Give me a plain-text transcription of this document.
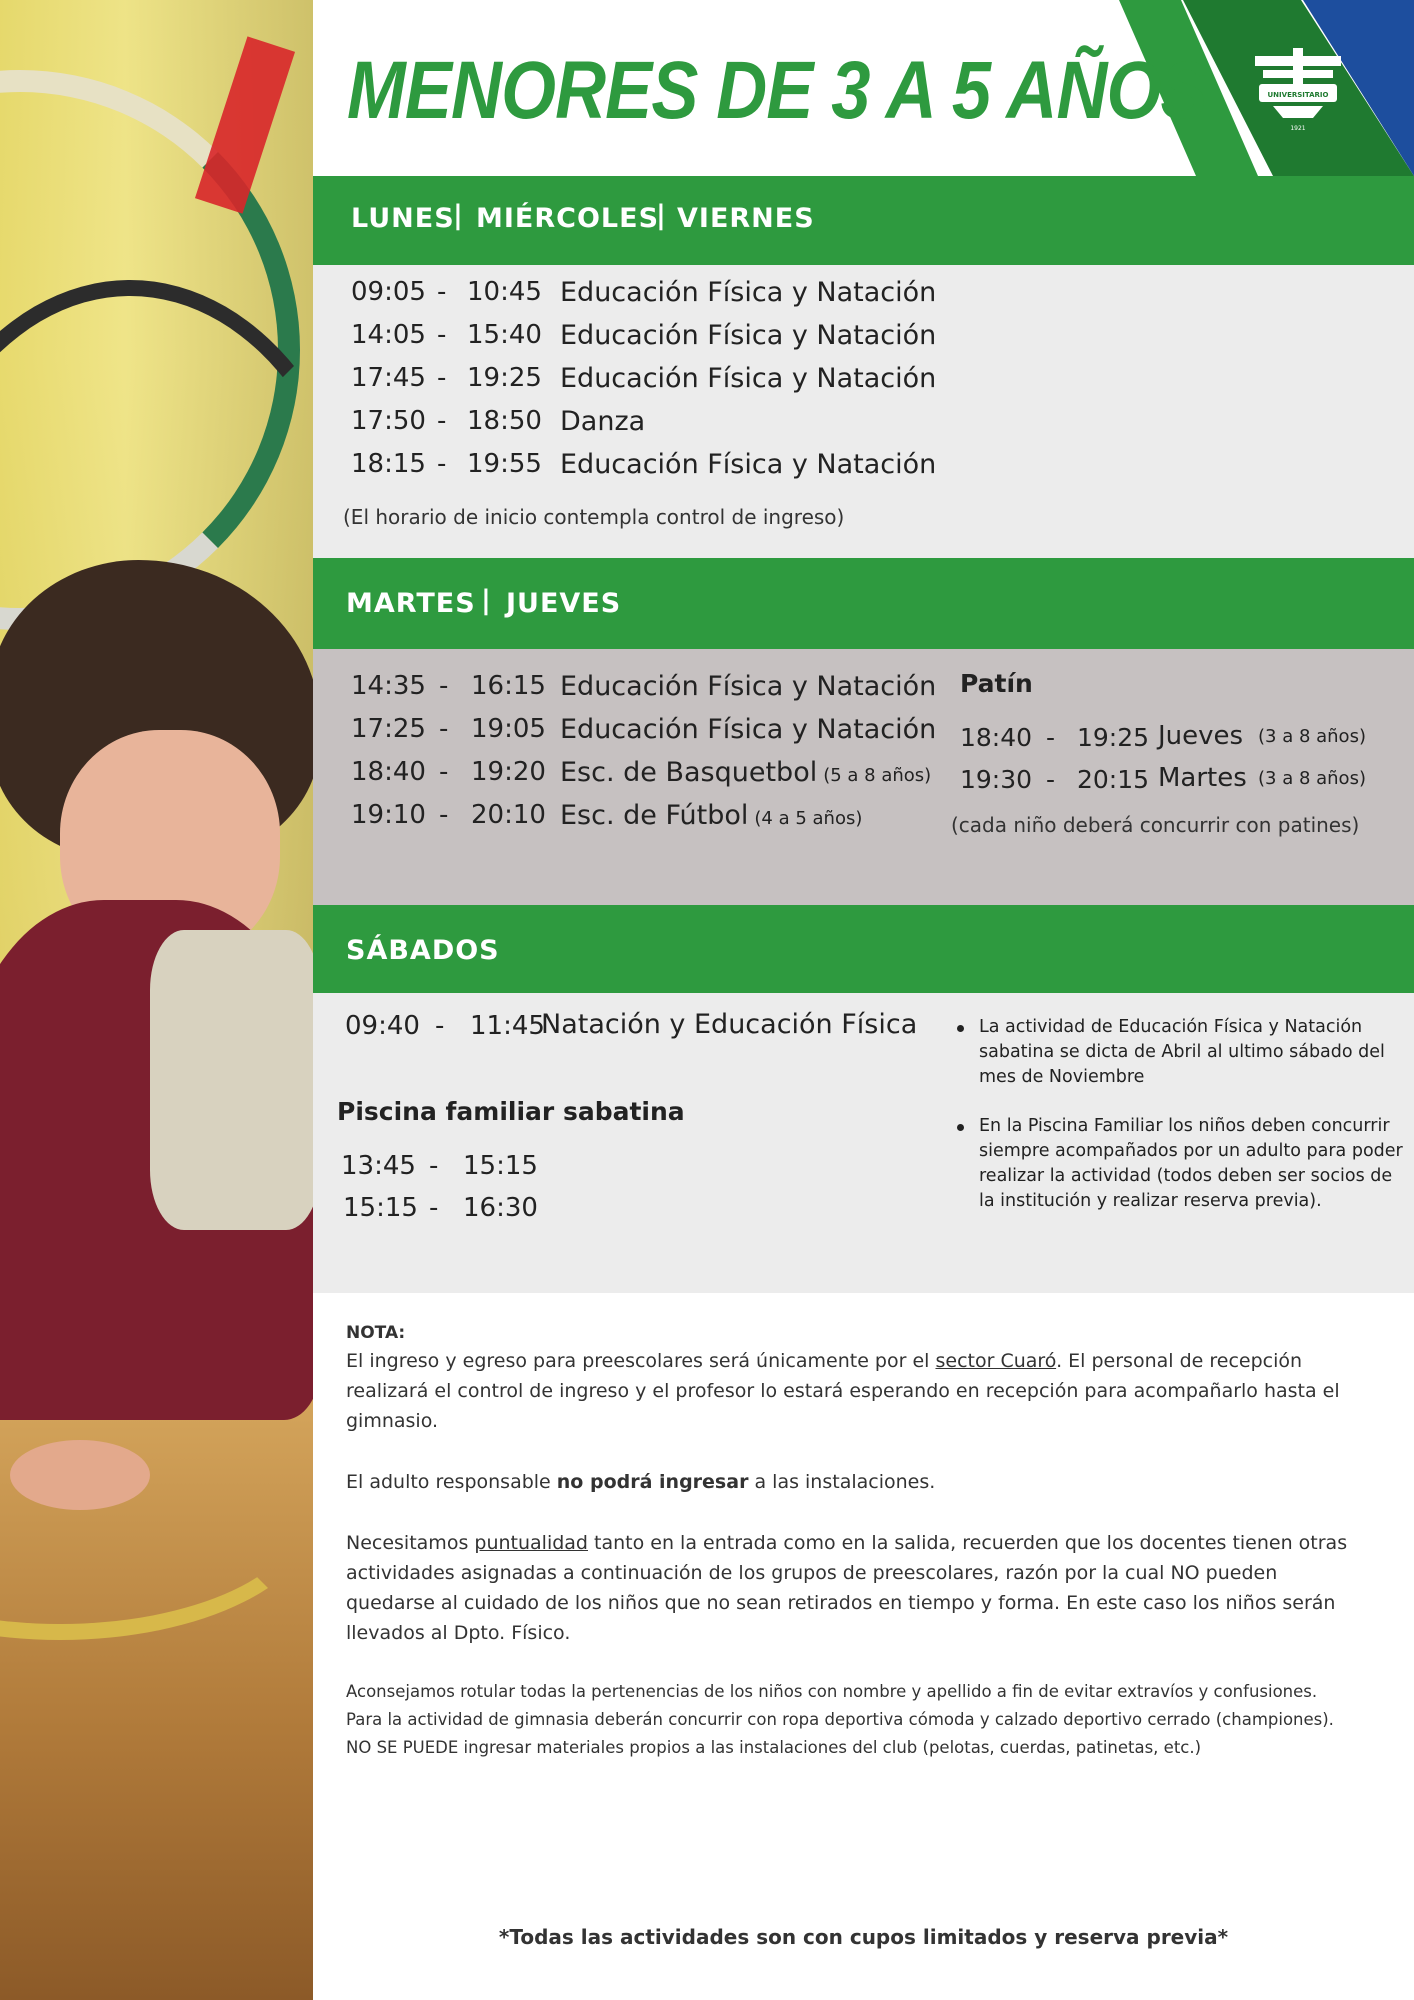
MENORES DE 3 A 5 AÑOS	UNIVERSITARIO
1921
LUNES
| MIÉRCOLES
| VIERNES
09:05 - 10:45 Educación Física y Natación
14:05 - 15:40 Educación Física y Natación
17:45 - 19:25 Educación Física y Natación
17:50 - 18:50 Danza
18:15 - 19:55 Educación Física y Natación
(El horario de inicio contempla control de ingreso)
MARTES | JUEVES
14:35 - 16:15 Educación Física y Natación
17:25 - 19:05 Educación Física y Natación
18:40 - 19:20 Esc. de Basquetbol (5 a 8 años)
19:10 - 20:10 Esc. de Fútbol (4 a 5 años)
Patín
18:40 - 19:25 Jueves (3 a 8 años)
19:30 - 20:15 Martes (3 a 8 años)
(cada niño deberá concurrir con patines)
SÁBADOS
09:40 - 11:45
Natación y Educación Física
Piscina familiar sabatina
13:45 - 15:15
15:15 - 16:30
La actividad de Educación Física y Natación sabatina se dicta de Abril al ultimo sábado del mes de Noviembre
En la Piscina Familiar los niños deben concurrir siempre acompañados por un adulto para poder realizar la actividad (todos deben ser socios de la institución y realizar reserva previa).

NOTA:

El ingreso y egreso para preescolares será únicamente por el sector Cuaró. El personal de recepción realizará el control de ingreso y el profesor lo estará esperando en recepción para acompañarlo hasta el gimnasio.

El adulto responsable no podrá ingresar a las instalaciones.

Necesitamos puntualidad tanto en la entrada como en la salida, recuerden que los docentes tienen otras actividades asignadas a continuación de los grupos de preescolares, razón por la cual NO pueden quedarse al cuidado de los niños que no sean retirados en tiempo y forma. En este caso los niños serán llevados al Dpto. Físico.

Aconsejamos rotular todas la pertenencias de los niños con nombre y apellido a fin de evitar extravíos y confusiones.

Para la actividad de gimnasia deberán concurrir con ropa deportiva cómoda y calzado deportivo cerrado (championes).

NO SE PUEDE ingresar materiales propios a las instalaciones del club (pelotas, cuerdas, patinetas, etc.)

*Todas las actividades son con cupos limitados y reserva previa*
